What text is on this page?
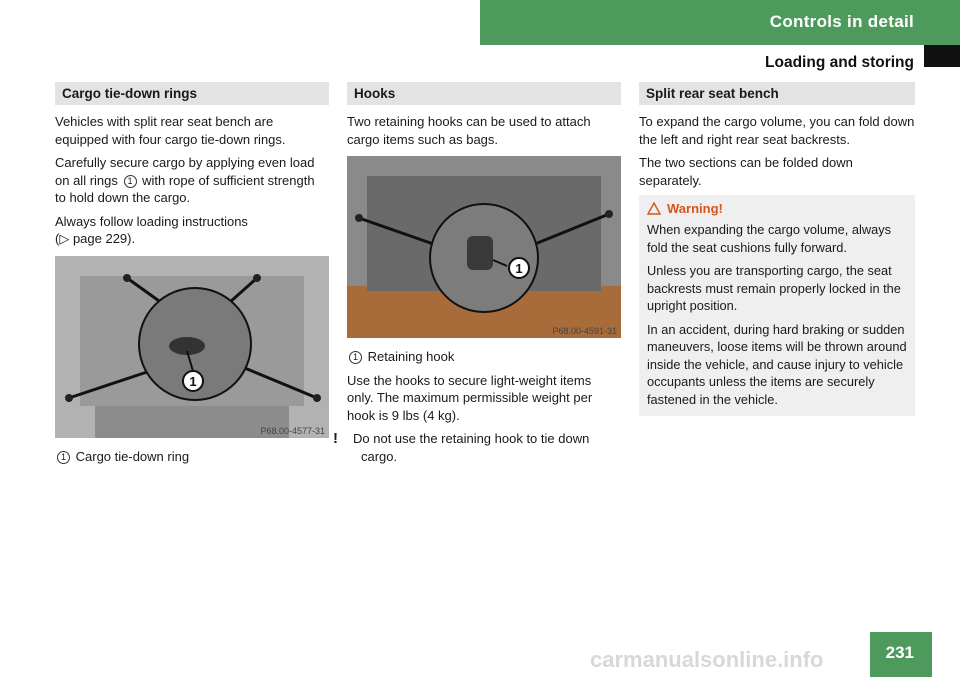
Controls in detail
Loading and storing
Cargo tie-down rings

Vehicles with split rear seat bench are equipped with four cargo tie-down rings.

Carefully secure cargo by applying even load on all rings 1 with rope of sufficient strength to hold down the cargo.

Always follow loading instructions
(▷ page 229).

1
P68.00-4577-31

1 Cargo tie-down ring

Hooks

Two retaining hooks can be used to attach cargo items such as bags.

1
P68.00-4591-31

1 Retaining hook

Use the hooks to secure light-weight items only. The maximum permissible weight per hook is 9 lbs (4 kg).

! Do not use the retaining hook to tie down cargo.

Split rear seat bench

To expand the cargo volume, you can fold down the left and right rear seat backrests.

The two sections can be folded down separately.

Warning!

When expanding the cargo volume, always fold the seat cushions fully forward.

Unless you are transporting cargo, the seat backrests must remain properly locked in the upright position.

In an accident, during hard braking or sudden maneuvers, loose items will be thrown around inside the vehicle, and cause injury to vehicle occupants unless the items are securely fastened in the vehicle.

231
carmanualsonline.info
